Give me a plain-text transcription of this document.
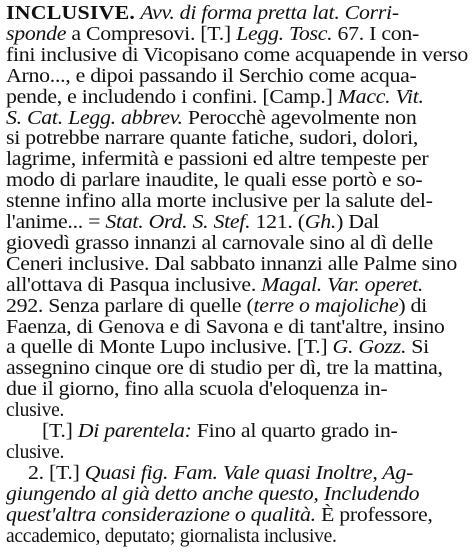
INCLUSIVE. Avv. di forma pretta lat. Corri-
sponde a Compresovi. [T.] Legg. Tosc. 67. I con-
fini inclusive di Vicopisano come acquapende in verso
Arno..., e dipoi passando il Serchio come acqua-
pende, e includendo i confini. [Camp.] Macc. Vit.
S. Cat. Legg. abbrev. Perocchè agevolmente non
si potrebbe narrare quante fatiche, sudori, dolori,
lagrime, infermità e passioni ed altre tempeste per
modo di parlare inaudite, le quali esse portò e so-
stenne infino alla morte inclusive per la salute del-
l'anime... = Stat. Ord. S. Stef. 121. (Gh.) Dal
giovedì grasso innanzi al carnovale sino al dì delle
Ceneri inclusive. Dal sabbato innanzi alle Palme sino
all'ottava di Pasqua inclusive. Magal. Var. operet.
292. Senza parlare di quelle (terre o majoliche) di
Faenza, di Genova e di Savona e di tant'altre, insino
a quelle di Monte Lupo inclusive. [T.] G. Gozz. Si
assegnino cinque ore di studio per dì, tre la mattina,
due il giorno, fino alla scuola d'eloquenza in-
clusive.
[T.] Di parentela: Fino al quarto grado in-
clusive.
2. [T.] Quasi fig. Fam. Vale quasi Inoltre, Ag-
giungendo al già detto anche questo, Includendo
quest'altra considerazione o qualità. È professore,
accademico, deputato; giornalista inclusive.
